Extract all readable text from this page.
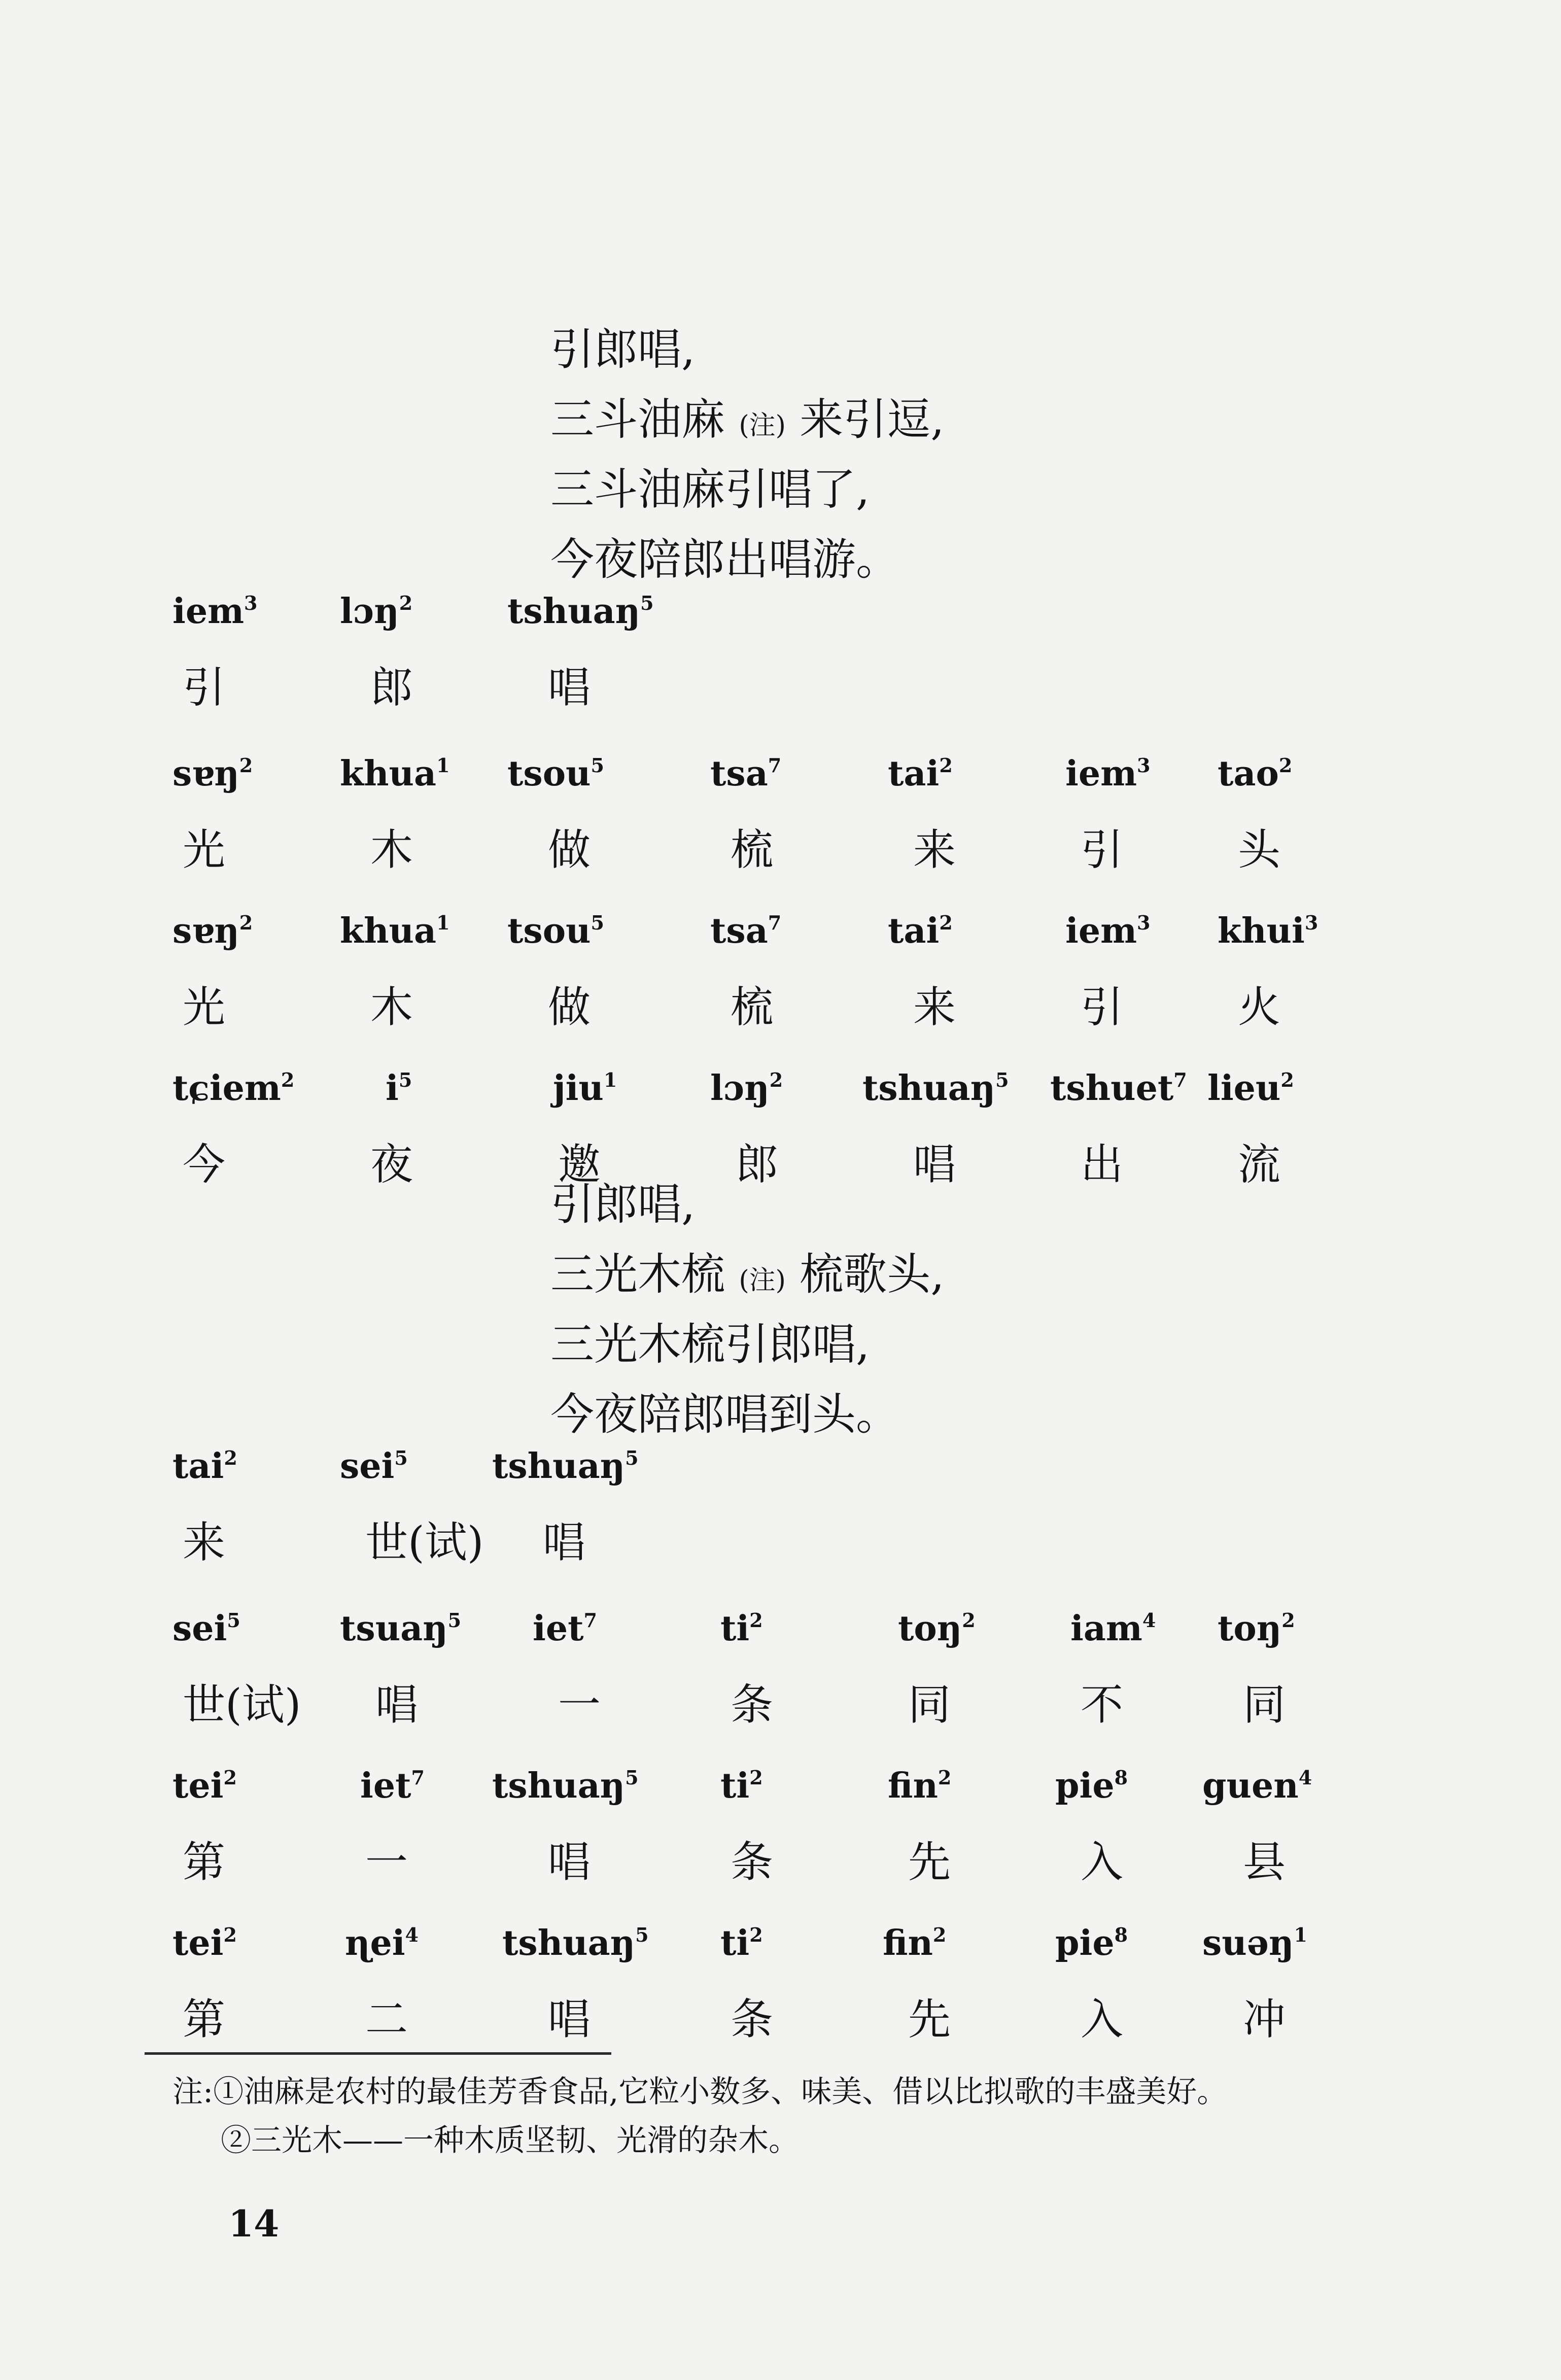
引郎唱,
三斗油麻 (注) 来引逗,
三斗油麻引唱了,
今夜陪郎出唱游。
iem$^3$ lɔŋ$^2$	tshuaŋ$^5$
引	郎	唱
sɐŋ$^2$	khua$^1$ tsou$^5$	tsa$^7$	tai$^2$	iem$^3$ tao$^2$
光	木	做	梳	来	引	头
sɐŋ$^2$	khua$^1$ tsou$^5$	tsa$^7$	tai$^2$	iem$^3$ khui$^3$
光	木	做	梳	来	引	火
tɕiem$^2$	$i^5$	jiu$^1$	lɔŋ$^2$ tshuaŋ$^5$ tshuet$^7$ lieu$^2$
今	夜	邀	郎	唱	出	流
引郎唱,
三光木梳 (注) 梳歌头,
三光木梳引郎唱,
今夜陪郎唱到头。
tai$^2$	sei$^5$ tshuaŋ$^5$
来	世(试) 唱
sei$^5$	tsuaŋ$^5$ iet$^7$	$ti^2$	toŋ$^2$	iam$^4$ toŋ$^2$
世(试) 唱	一	条	同	不	同
tei$^2$	iet$^7$ tshuaŋ$^5$ $ti^2$	fin$^2$	pie$^8$ guen$^4$
第	一	唱	条	先	入	县
tei$^2$	ɳei$^4$ tshuaŋ$^5$ $ti^2$	fin$^2$	pie$^8$ suəŋ$^1$
第	二	唱	条	先	入	冲
注:①油麻是农村的最佳芳香食品,它粒小数多、味美、借以比拟歌的丰盛美好。
②三光木——一种木质坚韧、光滑的杂木。
14
